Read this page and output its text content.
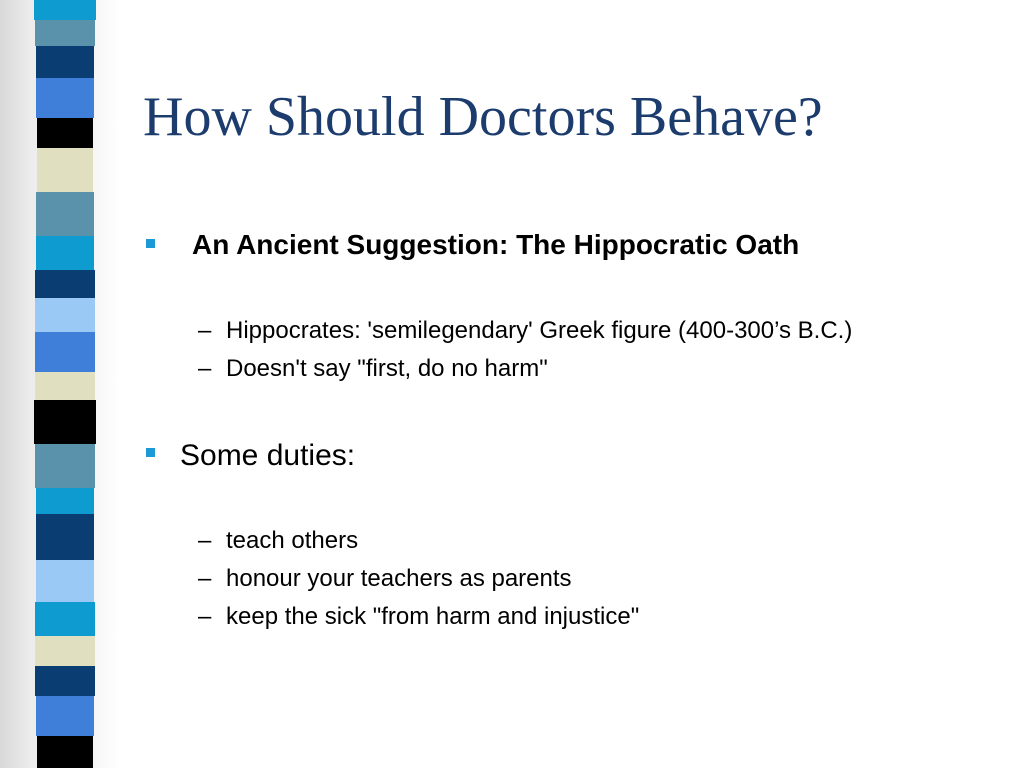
How Should Doctors Behave?
An Ancient Suggestion: The Hippocratic Oath
– Hippocrates: 'semilegendary' Greek figure (400-300’s B.C.)
– Doesn't say "first, do no harm"
Some duties:
– teach others
– honour your teachers as parents
– keep the sick "from harm and injustice"
